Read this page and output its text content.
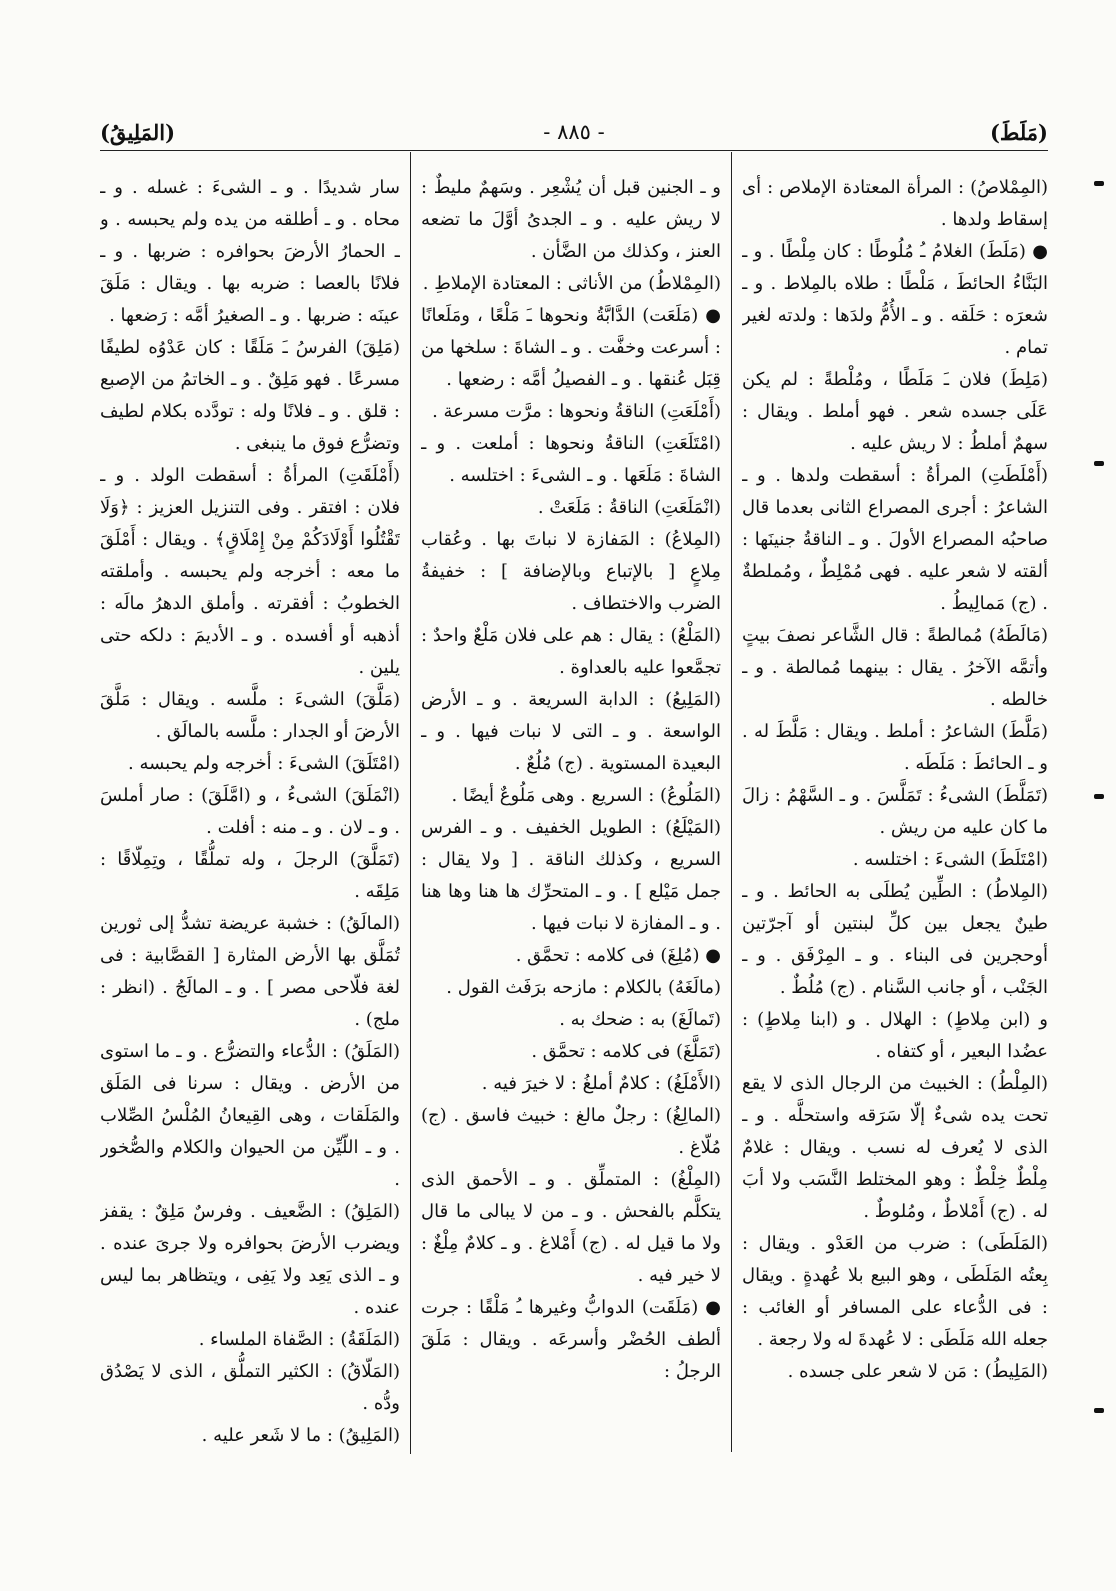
(مَلَطَ)
- ٨٨٥ -
(المَلِيقُ)

(المِمْلاصُ) : المرأة المعتادة الإملاص : أى إسقاط ولدها .

● (مَلَطَ) الغلامُ ـُ مُلُوطًا : كان مِلْطًا . و ـ البَنَّاءُ الحائطَ ، مَلْطًا : طلاه بالمِلاط . و ـ شعرَه : حَلَقه . و ـ الأُمُّ ولدَها : ولدته لغير تمام .

(مَلِطَ) فلان ـَ مَلَطًا ، ومُلْطةً : لم يكن عَلَى جسده شعر . فهو أملط . ويقال : سهمٌ أملطُ : لا ريش عليه .

(أَمْلَطَتِ) المرأةُ : أسقطت ولدها . و ـ الشاعرُ : أجرى المصراع الثانى بعدما قال صاحبُه المصراع الأولَ . و ـ الناقةُ جنينَها : ألقته لا شعر عليه . فهى مُمْلِطٌ ، ومُملطةٌ . (ج) مَمالِيطُ .

(مَالَطَهُ) مُمالطةً : قال الشَّاعر نصفَ بيتٍ وأتمَّه الآخرُ . يقال : بينهما مُمالطة . و ـ خالطه .

(مَلَّطَ) الشاعرُ : أملط . ويقال : مَلَّطَ له . و ـ الحائطَ : مَلَطَه .

(تَمَلَّطَ) الشىءُ : تَمَلَّسَ . و ـ السَّهْمُ : زالَ ما كان عليه من ريش .

(امْتَلَطَ) الشىءَ : اختلسه .

(المِلاطُ) : الطِّين يُطلَى به الحائط . و ـ طينٌ يجعل بين كلِّ لبنتين أو آجرّتين أوحجرين فى البناء . و ـ المِرْفَق . و ـ الجَنْب ، أو جانب السَّنام . (ج) مُلُطٌ .

و (ابن مِلاطٍ) : الهلال . و (ابنا مِلاطٍ) : عضُدا البعير ، أو كتفاه .

(المِلْطُ) : الخبيث من الرجال الذى لا يقع تحت يده شىءٌ إلّا سَرَقه واستحلَّه . و ـ الذى لا يُعرف له نسب . ويقال : غلامٌ مِلْطٌ خِلْطٌ : وهو المختلط النَّسَب ولا أبَ له . (ج) أَمْلاطٌ ، ومُلوطٌ .

(المَلَطَى) : ضرب من العَدْو . ويقال : بِعتُه المَلَطَى ، وهو البيع بلا عُهدةٍ . ويقال : فى الدُّعاء على المسافر أو الغائب : جعله الله مَلَطَى : لا عُهدةَ له ولا رجعة .

(المَلِيطُ) : مَن لا شعر على جسده .

و ـ الجنين قبل أن يُشْعِر . وسَهمٌ مليطٌ : لا ريش عليه . و ـ الجدىُ أوَّلَ ما تضعه العنز ، وكذلك من الضَّأن .

(المِمْلاطُ) من الأناثى : المعتادة الإملاطِ .

● (مَلَعَت) الدَّابَّةُ ونحوها ـَ مَلْعًا ، ومَلَعانًا : أسرعت وخفَّت . و ـ الشاةَ : سلخها من قِبَل عُنقها . و ـ الفصيلُ أمَّه : رضعها .

(أَمْلَعَتِ) الناقةُ ونحوها : مرَّت مسرعة .

(امْتَلَعَتِ) الناقةُ ونحوها : أملعت . و ـ الشاةَ : مَلَعَها . و ـ الشىءَ : اختلسه .

(انْمَلَعَتِ) الناقةُ : مَلَعَتْ .

(المِلاعُ) : المَفازة لا نباتَ بها . وعُقاب مِلاعٍ [ بالإتباع وبالإضافة ] : خفيفةُ الضرب والاختطاف .

(المَلْعُ) : يقال : هم على فلان مَلْعٌ واحدٌ : تجمَّعوا عليه بالعداوة .

(المَلِيعُ) : الدابة السريعة . و ـ الأرض الواسعة . و ـ التى لا نبات فيها . و ـ البعيدة المستوية . (ج) مُلُعٌ .

(المَلُوعُ) : السريع . وهى مَلُوعٌ أيضًا .

(المَيْلَعُ) : الطويل الخفيف . و ـ الفرس السريع ، وكذلك الناقة . [ ولا يقال : جمل مَيْلع ] . و ـ المتحرِّك ها هنا وها هنا . و ـ المفازة لا نبات فيها .

● (مُلِغَ) فى كلامه : تحمَّق .

(مالَغَهُ) بالكلام : مازحه برَفَث القول .

(تَمالَغَ) به : ضحك به .

(تَمَلَّغَ) فى كلامه : تحمَّق .

(الأَمْلَغُ) : كلامٌ أملغُ : لا خيرَ فيه .

(المالِغُ) : رجلٌ مالغ : خبيث فاسق . (ج) مُلّاغ .

(المِلْغُ) : المتملِّق . و ـ الأحمق الذى يتكلَّم بالفحش . و ـ من لا يبالى ما قال ولا ما قيل له . (ج) أَمْلاغ . و ـ كلامٌ مِلْغٌ : لا خير فيه .

● (مَلَقَت) الدوابُّ وغيرها ـُ مَلْقًا : جرت ألطف الحُضْر وأسرعَه . ويقال : مَلَقَ الرجلُ :

سار شديدًا . و ـ الشىءَ : غسله . و ـ محاه . و ـ أطلقه من يده ولم يحبسه . و ـ الحمارُ الأرضَ بحوافره : ضربها . و ـ فلانًا بالعصا : ضربه بها . ويقال : مَلَقَ عينَه : ضربها . و ـ الصغيرُ أمَّه : رَضعها .

(مَلِقَ) الفرسُ ـَ مَلَقًا : كان عَدْوُه لطيفًا مسرعًا . فهو مَلِقٌ . و ـ الخاتمُ من الإصبع : قلق . و ـ فلانًا وله : تودَّده بكلام لطيف وتضرُّع فوق ما ينبغى .

(أَمْلَقَتِ) المرأةُ : أسقطت الولد . و ـ فلان : افتقر . وفى التنزيل العزيز : ﴿وَلَا تَقْتُلُوا أَوْلَادَكُمْ مِنْ إِمْلَاقٍ﴾ . ويقال : أَمْلَقَ ما معه : أخرجه ولم يحبسه . وأملقته الخطوبُ : أفقرته . وأملق الدهرُ مالَه : أذهبه أو أفسده . و ـ الأديمَ : دلكه حتى يلين .

(مَلَّقَ) الشىءَ : ملَّسه . ويقال : مَلَّقَ الأرضَ أو الجدار : ملَّسه بالمالَق .

(امْتَلَقَ) الشىءَ : أخرجه ولم يحبسه .

(انْمَلَقَ) الشىءُ ، و (امَّلَقَ) : صار أملسَ . و ـ لان . و ـ منه : أفلت .

(تَمَلَّقَ) الرجلَ ، وله تملُّقًا ، وتِمِلّاقًا : مَلِقَه .

(المالَقُ) : خشبة عريضة تشدُّ إلى ثورين تُمَلَّق بها الأرض المثارة [ القصَّابية : فى لغة فلّاحى مصر ] . و ـ المالَجُ . (انظر : ملج) .

(المَلَقُ) : الدُّعاء والتضرُّع . و ـ ما استوى من الأرض . ويقال : سرنا فى المَلَق والمَلَقات ، وهى القِيعانُ المُلْسُ الصِّلاب . و ـ اللّيِّن من الحيوان والكلام والصُّخور .

(المَلِقُ) : الضَّعيف . وفرسٌ مَلِقٌ : يقفز ويضرب الأرضَ بحوافره ولا جرىَ عنده . و ـ الذى يَعِد ولا يَفِى ، ويتظاهر بما ليس عنده .

(المَلَقَةُ) : الصَّفاة الملساء .

(المَلّاقُ) : الكثير التملُّق ، الذى لا يَصْدُق ودُّه .

(المَلِيقُ) : ما لا شَعر عليه .
